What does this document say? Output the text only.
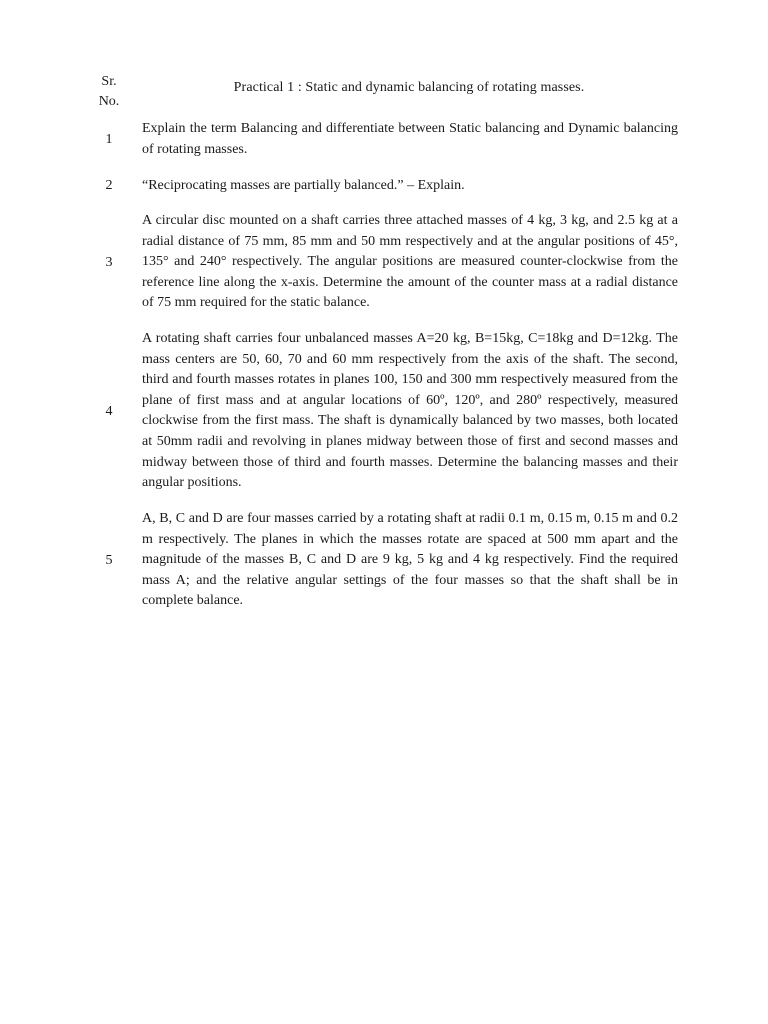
Sr.
No.
Practical 1 : Static and dynamic balancing of rotating masses.
1
Explain the term Balancing and differentiate between Static balancing and Dynamic balancing of rotating masses.
2	“Reciprocating masses are partially balanced.” – Explain.
3
A circular disc mounted on a shaft carries three attached masses of 4 kg, 3 kg, and 2.5 kg at a radial distance of 75 mm, 85 mm and 50 mm respectively and at the angular positions of 45°, 135° and 240° respectively. The angular positions are measured counter-clockwise from the reference line along the x-axis. Determine the amount of the counter mass at a radial distance of 75 mm required for the static balance.
4
A rotating shaft carries four unbalanced masses A=20 kg, B=15kg, C=18kg and D=12kg. The mass centers are 50, 60, 70 and 60 mm respectively from the axis of the shaft. The second, third and fourth masses rotates in planes 100, 150 and 300 mm respectively measured from the plane of first mass and at angular locations of 60º, 120º, and 280º respectively, measured clockwise from the first mass. The shaft is dynamically balanced by two masses, both located at 50mm radii and revolving in planes midway between those of first and second masses and midway between those of third and fourth masses. Determine the balancing masses and their angular positions.
5
A, B, C and D are four masses carried by a rotating shaft at radii 0.1 m, 0.15 m, 0.15 m and 0.2 m respectively. The planes in which the masses rotate are spaced at 500 mm apart and the magnitude of the masses B, C and D are 9 kg, 5 kg and 4 kg respectively. Find the required mass A; and the relative angular settings of the four masses so that the shaft shall be in complete balance.
